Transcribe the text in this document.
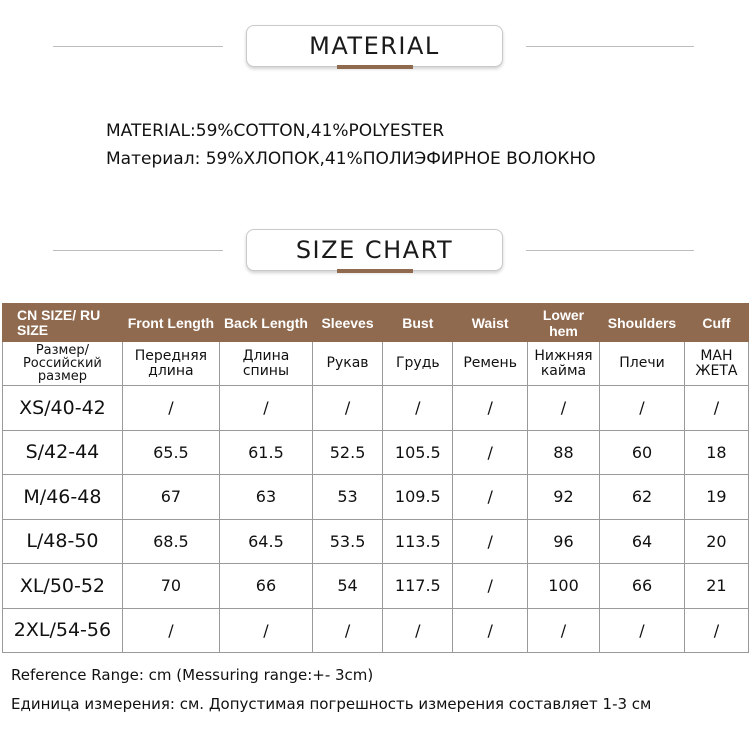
MATERIAL
MATERIAL:59%COTTON,41%POLYESTER
Материал: 59%ХЛОПОК,41%ПОЛИЭФИРНОЕ ВОЛОКНО
SIZE CHART
CN SIZE/ RU SIZE	Front Length	Back Length	Sleeves	Bust	Waist	Lower hem	Shoulders	Cuff
Размер/ Российский размер	Передняя длина	Длина спины	Рукав	Грудь	Ремень	Нижняя кайма	Плечи	МАН ЖЕТА
XS/40-42	/	/	/	/	/	/	/	/
S/42-44	65.5	61.5	52.5	105.5	/	88	60	18
M/46-48	67	63	53	109.5	/	92	62	19
L/48-50	68.5	64.5	53.5	113.5	/	96	64	20
XL/50-52	70	66	54	117.5	/	100	66	21
2XL/54-56	/	/	/	/	/	/	/	/
Reference Range: cm (Messuring range:+- 3cm)
Единица измерения: см. Допустимая погрешность измерения составляет 1-3 см
